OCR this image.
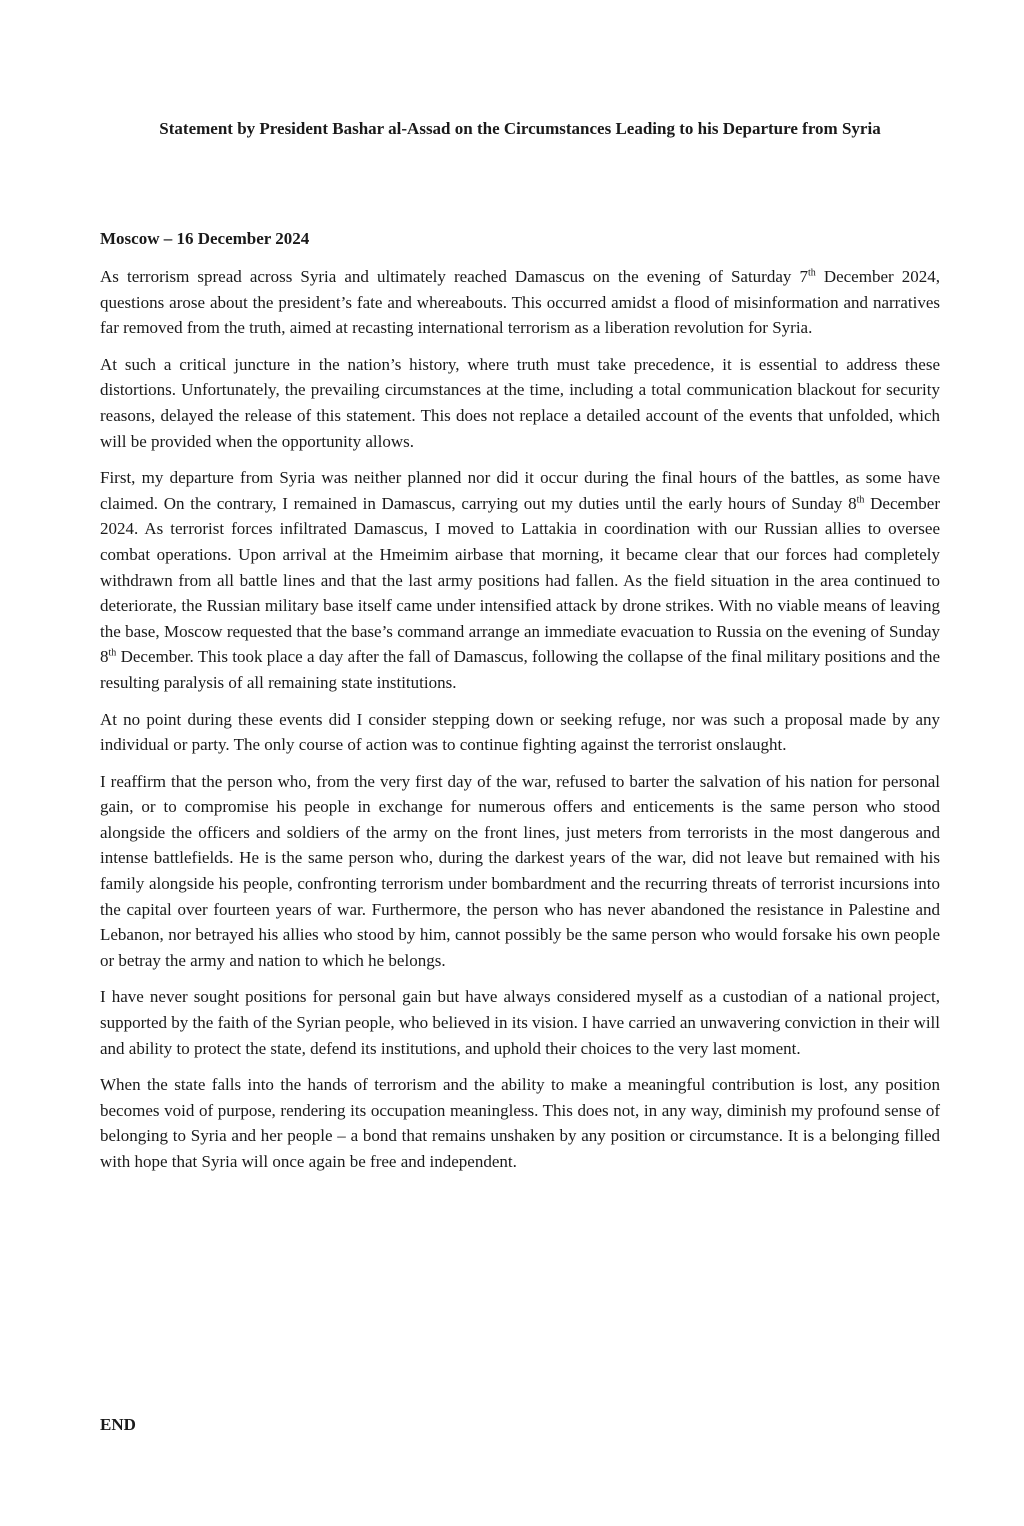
Statement by President Bashar al-Assad on the Circumstances Leading to his Departure from Syria

Moscow – 16 December 2024

As terrorism spread across Syria and ultimately reached Damascus on the evening of Saturday 7th December 2024, questions arose about the president’s fate and whereabouts. This occurred amidst a flood of misinformation and narratives far removed from the truth, aimed at recasting international terrorism as a liberation revolution for Syria.

At such a critical juncture in the nation’s history, where truth must take precedence, it is essential to address these distortions. Unfortunately, the prevailing circumstances at the time, including a total communication blackout for security reasons, delayed the release of this statement. This does not replace a detailed account of the events that unfolded, which will be provided when the opportunity allows.

First, my departure from Syria was neither planned nor did it occur during the final hours of the battles, as some have claimed. On the contrary, I remained in Damascus, carrying out my duties until the early hours of Sunday 8th December 2024. As terrorist forces infiltrated Damascus, I moved to Lattakia in coordination with our Russian allies to oversee combat operations. Upon arrival at the Hmeimim airbase that morning, it became clear that our forces had completely withdrawn from all battle lines and that the last army positions had fallen. As the field situation in the area continued to deteriorate, the Russian military base itself came under intensified attack by drone strikes. With no viable means of leaving the base, Moscow requested that the base’s command arrange an immediate evacuation to Russia on the evening of Sunday 8th December. This took place a day after the fall of Damascus, following the collapse of the final military positions and the resulting paralysis of all remaining state institutions.

At no point during these events did I consider stepping down or seeking refuge, nor was such a proposal made by any individual or party. The only course of action was to continue fighting against the terrorist onslaught.

I reaffirm that the person who, from the very first day of the war, refused to barter the salvation of his nation for personal gain, or to compromise his people in exchange for numerous offers and enticements is the same person who stood alongside the officers and soldiers of the army on the front lines, just meters from terrorists in the most dangerous and intense battlefields. He is the same person who, during the darkest years of the war, did not leave but remained with his family alongside his people, confronting terrorism under bombardment and the recurring threats of terrorist incursions into the capital over fourteen years of war. Furthermore, the person who has never abandoned the resistance in Palestine and Lebanon, nor betrayed his allies who stood by him, cannot possibly be the same person who would forsake his own people or betray the army and nation to which he belongs.

I have never sought positions for personal gain but have always considered myself as a custodian of a national project, supported by the faith of the Syrian people, who believed in its vision. I have carried an unwavering conviction in their will and ability to protect the state, defend its institutions, and uphold their choices to the very last moment.

When the state falls into the hands of terrorism and the ability to make a meaningful contribution is lost, any position becomes void of purpose, rendering its occupation meaningless. This does not, in any way, diminish my profound sense of belonging to Syria and her people – a bond that remains unshaken by any position or circumstance. It is a belonging filled with hope that Syria will once again be free and independent.

END
